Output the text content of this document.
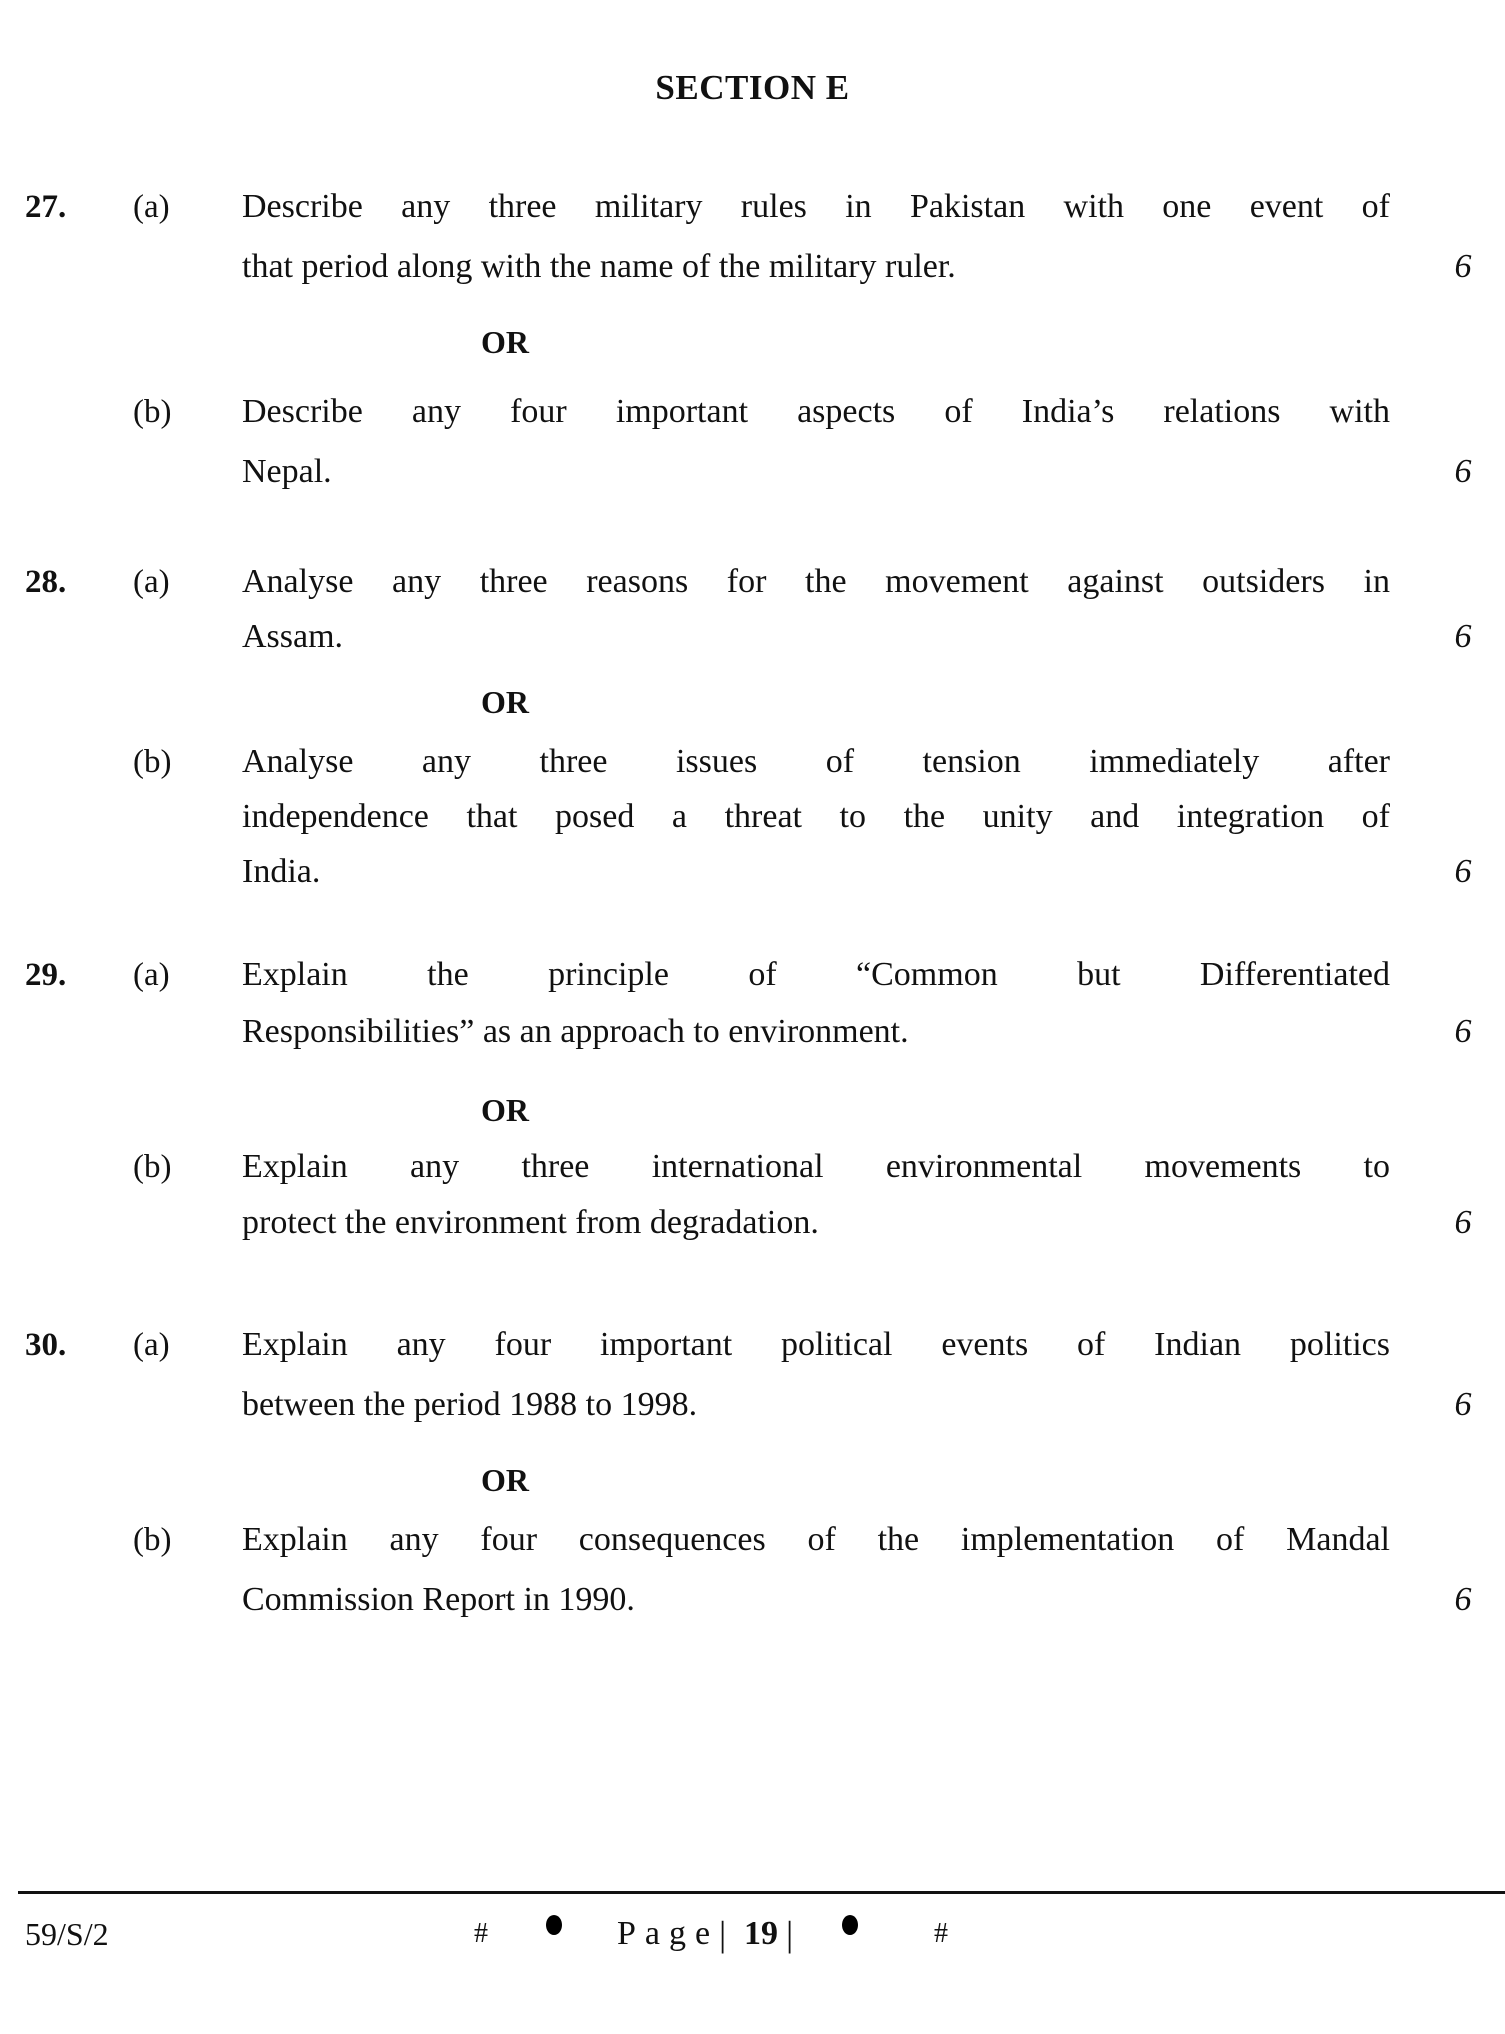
SECTION E
27. (a) Describe any three military rules in Pakistan with one event of
that period along with the name of the military ruler.	6
OR
(b) Describe any four important aspects of India’s relations with
Nepal.	6
28. (a) Analyse any three reasons for the movement against outsiders in
Assam.	6
OR
(b) Analyse any three issues of tension immediately after
independence that posed a threat to the unity and integration of
India.	6
29. (a) Explain the principle of “Common but Differentiated
Responsibilities” as an approach to environment.	6
OR
(b) Explain any three international environmental movements to
protect the environment from degradation.	6
30. (a) Explain any four important political events of Indian politics
between the period 1988 to 1998.	6
OR
(b) Explain any four consequences of the implementation of Mandal
Commission Report in 1990.	6
59/S/2	#	Page | 19 |	#
